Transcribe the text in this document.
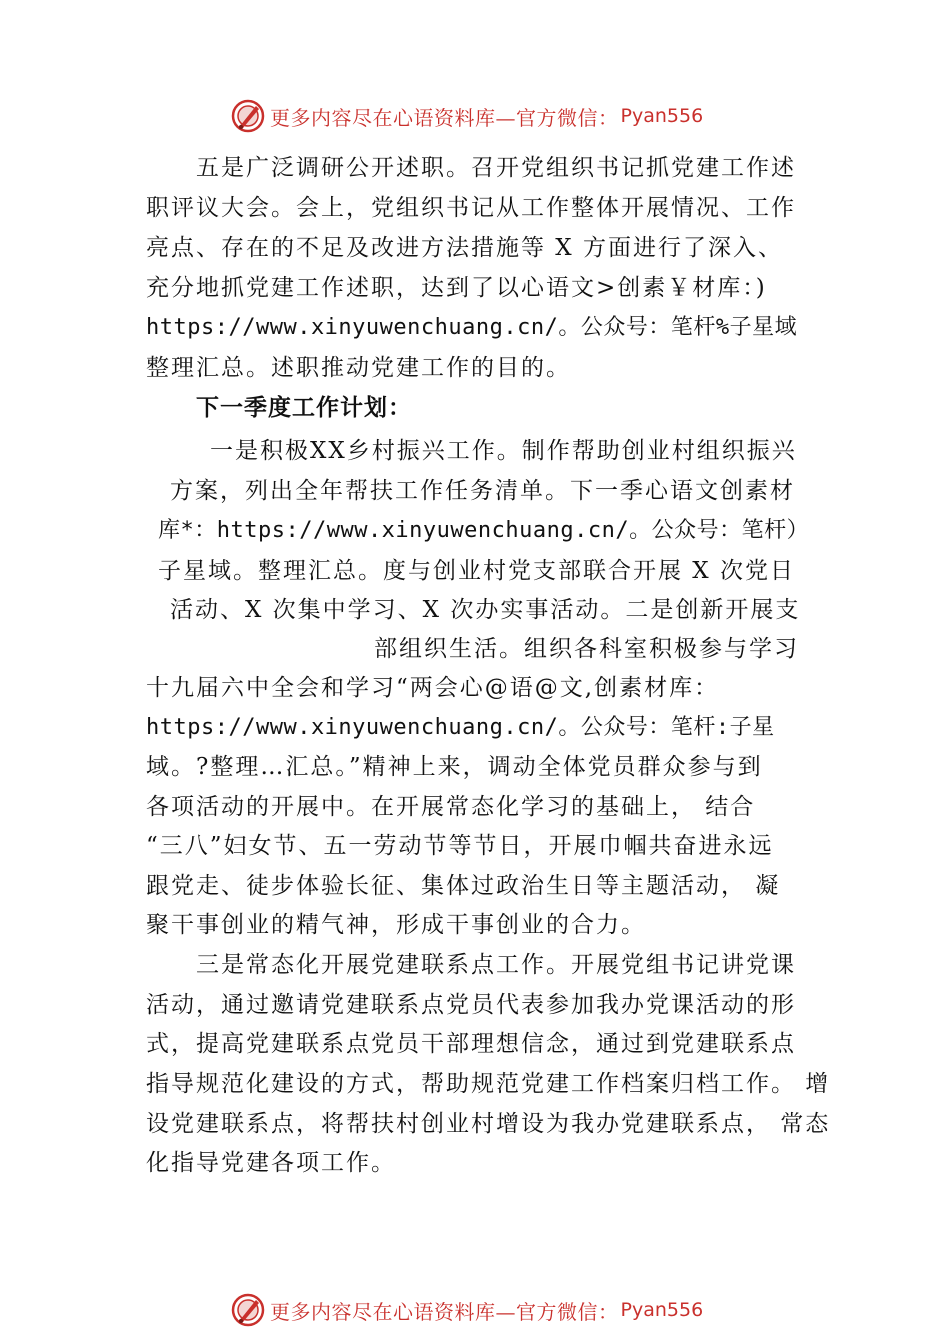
更多内容尽在心语资料库—官方微信： Pyan556
五是广泛调研公开述职。召开党组织书记抓党建工作述
职评议大会。会上，党组织书记从工作整体开展情况、工作
亮点、存在的不足及改进方法措施等 X 方面进行了深入、
充分地抓党建工作述职，达到了以心语文>创素￥材库：)
https://www.xinyuwenchuang.cn/。公众号：笔杆%子星域
整理汇总。述职推动党建工作的目的。
下一季度工作计划：
一是积极XX乡村振兴工作。制作帮助创业村组织振兴
方案，列出全年帮扶工作任务清单。下一季心语文创素材
库*：https://www.xinyuwenchuang.cn/。公众号：笔杆）
子星域。整理汇总。度与创业村党支部联合开展 X 次党日
活动、X 次集中学习、X 次办实事活动。二是创新开展支
部组织生活。组织各科室积极参与学习
十九届六中全会和学习“两会心@语@文,创素材库：
https://www.xinyuwenchuang.cn/。公众号：笔杆:子星
域。?整理…汇总。”精神上来，调动全体党员群众参与到
各项活动的开展中。在开展常态化学习的基础上， 结合
“三八”妇女节、五一劳动节等节日，开展巾帼共奋进永远
跟党走、徒步体验长征、集体过政治生日等主题活动， 凝
聚干事创业的精气神，形成干事创业的合力。
三是常态化开展党建联系点工作。开展党组书记讲党课
活动，通过邀请党建联系点党员代表参加我办党课活动的形
式，提高党建联系点党员干部理想信念，通过到党建联系点
指导规范化建设的方式，帮助规范党建工作档案归档工作。 增
设党建联系点，将帮扶村创业村增设为我办党建联系点， 常态
化指导党建各项工作。
更多内容尽在心语资料库—官方微信： Pyan556
